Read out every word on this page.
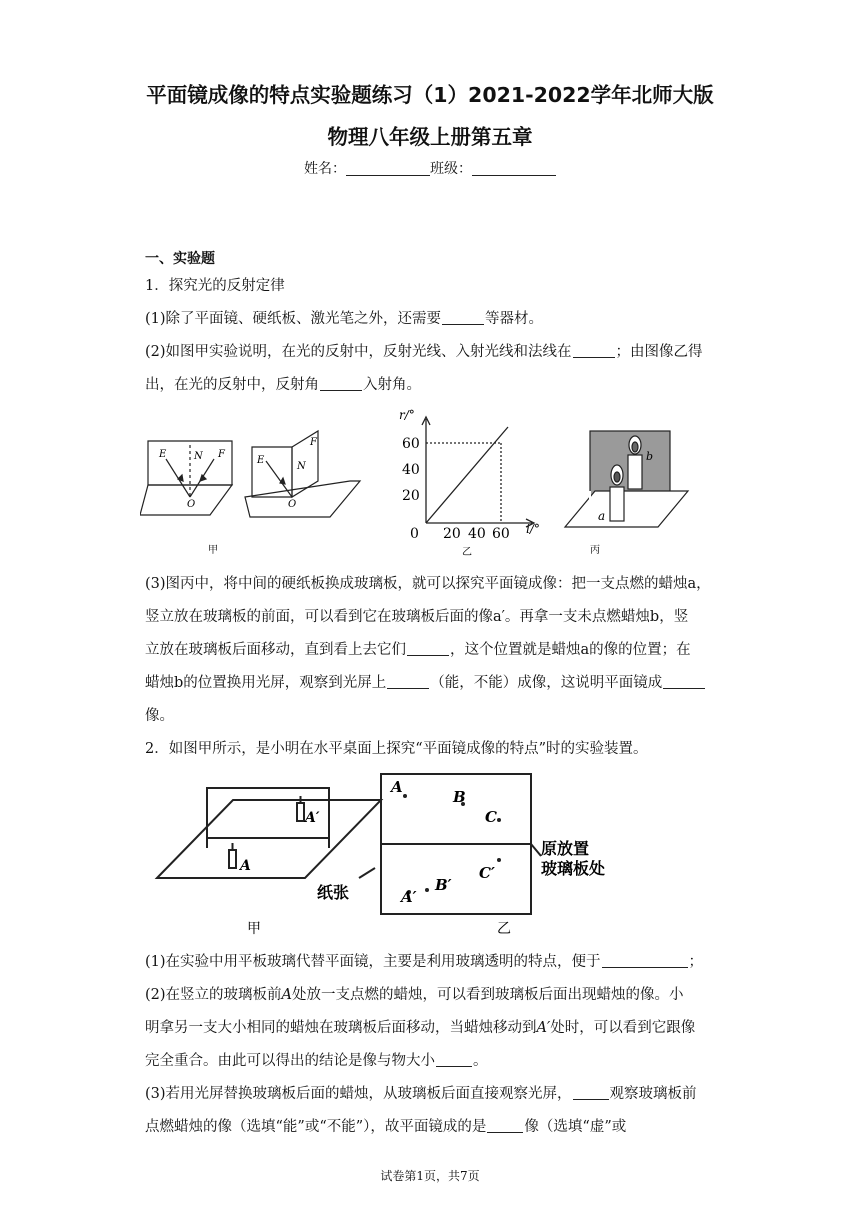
平面镜成像的特点实验题练习（1）2021-2022学年北师大版
物理八年级上册第五章
姓名：	班级：
一、实验题
1．探究光的反射定律
(1)除了平面镜、硬纸板、激光笔之外，还需要	等器材。
(2)如图甲实验说明，在光的反射中，反射光线、入射光线和法线在	；由图像乙得
出，在光的反射中，反射角	入射角。
E	N F
O
E
N
F
O
甲
r/°
60
40
20
0 20 40 60 i/°
乙
a
b
丙
(3)图丙中，将中间的硬纸板换成玻璃板，就可以探究平面镜成像：把一支点燃的蜡烛a，
竖立放在玻璃板的前面，可以看到它在玻璃板后面的像a′。再拿一支未点燃蜡烛b，竖
立放在玻璃板后面移动，直到看上去它们	，这个位置就是蜡烛a的像的位置；在
蜡烛b的位置换用光屏，观察到光屏上	（能，不能）成像，这说明平面镜成
像。
2．如图甲所示，是小明在水平桌面上探究“平面镜成像的特点”时的实验装置。
A′
A
甲
A
B
C
C′
B′
A′
纸张
原放置
玻璃板处
乙
(1)在实验中用平板玻璃代替平面镜，主要是利用玻璃透明的特点，便于	；
(2)在竖立的玻璃板前A处放一支点燃的蜡烛，可以看到玻璃板后面出现蜡烛的像。小
明拿另一支大小相同的蜡烛在玻璃板后面移动，当蜡烛移动到A′处时，可以看到它跟像
完全重合。由此可以得出的结论是像与物大小	。
(3)若用光屏替换玻璃板后面的蜡烛，从玻璃板后面直接观察光屏，	观察玻璃板前
点燃蜡烛的像（选填“能”或“不能”），故平面镜成的是	像（选填“虚”或
试卷第1页，共7页
